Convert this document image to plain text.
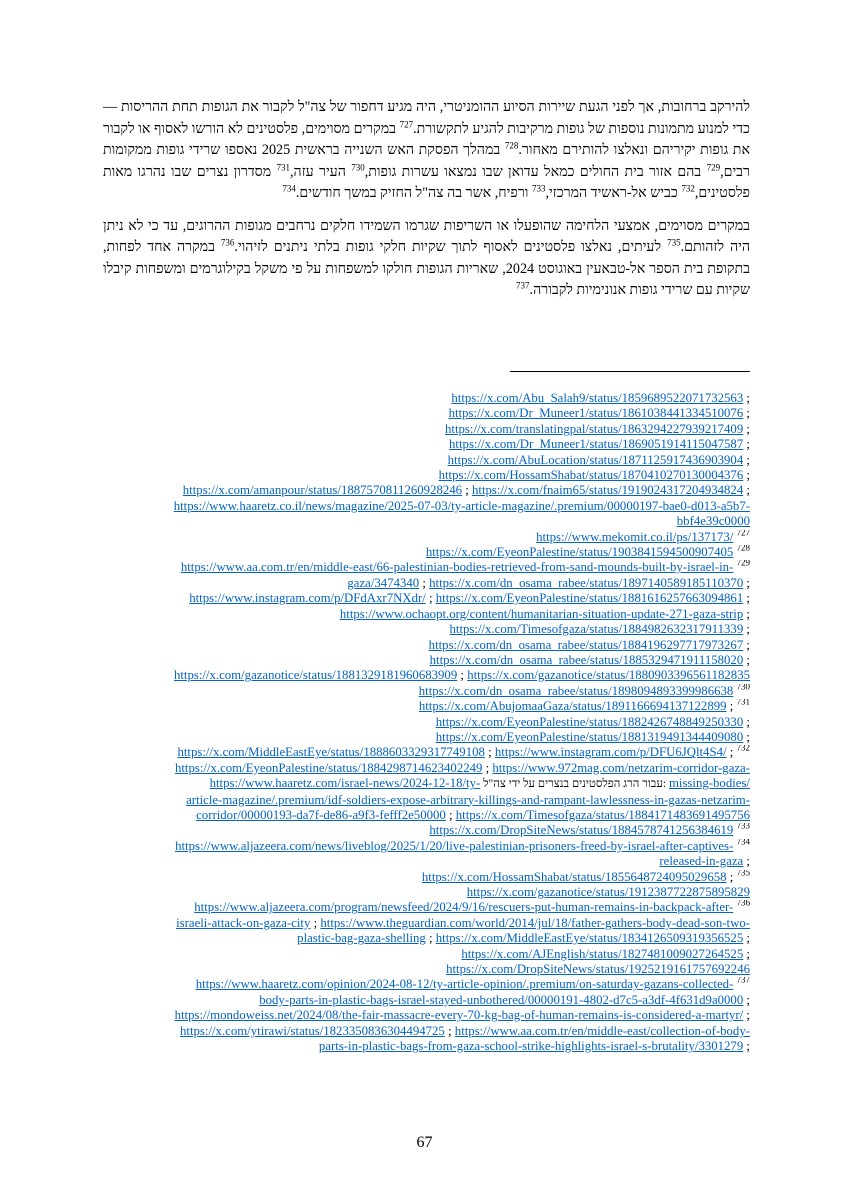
להירקב ברחובות, אך לפני הגעת שיירות הסיוע ההומניטרי, היה מגיע דחפור של צה"ל לקבור את הגופות תחת ההריסות — כדי למנוע מתמונות נוספות של גופות מרקיבות להגיע לתקשורת.$^{727}$ במקרים מסוימים, פלסטינים לא הורשו לאסוף או לקבור את גופות יקיריהם ונאלצו להותירם מאחור.$^{728}$ במהלך הפסקת האש השנייה בראשית 2025 נאספו שרידי גופות ממקומות רבים,$^{729}$ בהם אזור בית החולים כמאל עדואן שבו נמצאו עשרות גופות,$^{730}$ העיר עזה,$^{731}$ מסדרון נצרים שבו נהרגו מאות פלסטינים,$^{732}$ כביש אל-ראשיד המרכזי,$^{733}$ ורפיח, אשר בה צה"ל החזיק במשך חודשים.$^{734}$

במקרים מסוימים, אמצעי הלחימה שהופעלו או השריפות שגרמו השמידו חלקים נרחבים מגופות ההרוגים, עד כי לא ניתן היה לזהותם.$^{735}$ לעיתים, נאלצו פלסטינים לאסוף לתוך שקיות חלקי גופות בלתי ניתנים לזיהוי.$^{736}$ במקרה אחד לפחות, בתקופת בית הספר אל-טבאעין באוגוסט 2024, שאריות הגופות חולקו למשפחות על פי משקל בקילוגרמים ומשפחות קיבלו שקיות עם שרידי גופות אנונימיות לקבורה.$^{737}$

https://x.com/Abu_Salah9/status/1859689522071732563 ;
https://x.com/Dr_Muneer1/status/1861038441334510076 ;
https://x.com/translatingpal/status/1863294227939217409 ;
https://x.com/Dr_Muneer1/status/1869051914115047587 ;
https://x.com/AbuLocation/status/1871125917436903904 ;
https://x.com/HossamShabat/status/1870410270130004376 ;
https://x.com/amanpour/status/1887570811260928246 ; https://x.com/fnaim65/status/1919024317204934824 ;
https://www.haaretz.co.il/news/magazine/2025-07-03/ty-article-magazine/.premium/00000197-bae0-d013-a5b7-
bbf4e39c0000
https://www.mekomit.co.il/ps/137173/ $^{727}$
https://x.com/EyeonPalestine/status/1903841594500907405 $^{728}$
https://www.aa.com.tr/en/middle-east/66-palestinian-bodies-retrieved-from-sand-mounds-built-by-israel-in- $^{729}$
gaza/3474340 ; https://x.com/dn_osama_rabee/status/1897140589185110370 ;
https://www.instagram.com/p/DFdAxr7NXdr/ ; https://x.com/EyeonPalestine/status/1881616257663094861 ;
https://www.ochaopt.org/content/humanitarian-situation-update-271-gaza-strip ;
https://x.com/Timesofgaza/status/1884982632317911339 ;
https://x.com/dn_osama_rabee/status/1884196297717973267 ;
https://x.com/dn_osama_rabee/status/1885329471911158020 ;
https://x.com/gazanotice/status/1881329181960683909 ; https://x.com/gazanotice/status/1880903396561182835
https://x.com/dn_osama_rabee/status/1898094893399986638 $^{730}$
https://x.com/AbujomaaGaza/status/1891166694137122899 ; $^{731}$
https://x.com/EyeonPalestine/status/1882426748849250330 ;
https://x.com/EyeonPalestine/status/1881319491344409080 ;
https://x.com/MiddleEastEye/status/1888603329317749108 ; https://www.instagram.com/p/DFU6JQlt4S4/ ; $^{732}$
https://x.com/EyeonPalestine/status/1884298714623402249 ; https://www.972mag.com/netzarim-corridor-gaza-
https://www.haaretz.com/israel-news/2024-12-18/ty- עבור הרג הפלסטינים בנצרים על ידי צה"ל: missing-bodies/
article-magazine/.premium/idf-soldiers-expose-arbitrary-killings-and-rampant-lawlessness-in-gazas-netzarim-
corridor/00000193-da7f-de86-a9f3-fefff2e50000 ; https://x.com/Timesofgaza/status/1884171483691495756
https://x.com/DropSiteNews/status/1884578741256384619 $^{733}$
https://www.aljazeera.com/news/liveblog/2025/1/20/live-palestinian-prisoners-freed-by-israel-after-captives- $^{734}$
released-in-gaza ;
https://x.com/HossamShabat/status/1855648724095029658 ; $^{735}$
https://x.com/gazanotice/status/1912387722875895829
https://www.aljazeera.com/program/newsfeed/2024/9/16/rescuers-put-human-remains-in-backpack-after- $^{736}$
israeli-attack-on-gaza-city ; https://www.theguardian.com/world/2014/jul/18/father-gathers-body-dead-son-two-
plastic-bag-gaza-shelling ; https://x.com/MiddleEastEye/status/1834126509319356525 ;
https://x.com/AJEnglish/status/1827481009027264525 ;
https://x.com/DropSiteNews/status/1925219161757692246
https://www.haaretz.com/opinion/2024-08-12/ty-article-opinion/.premium/on-saturday-gazans-collected- $^{737}$
body-parts-in-plastic-bags-israel-stayed-unbothered/00000191-4802-d7c5-a3df-4f631d9a0000 ;
https://mondoweiss.net/2024/08/the-fair-massacre-every-70-kg-bag-of-human-remains-is-considered-a-martyr/ ;
https://x.com/ytirawi/status/1823350836304494725 ; https://www.aa.com.tr/en/middle-east/collection-of-body-
parts-in-plastic-bags-from-gaza-school-strike-highlights-israel-s-brutality/3301279 ;
67
